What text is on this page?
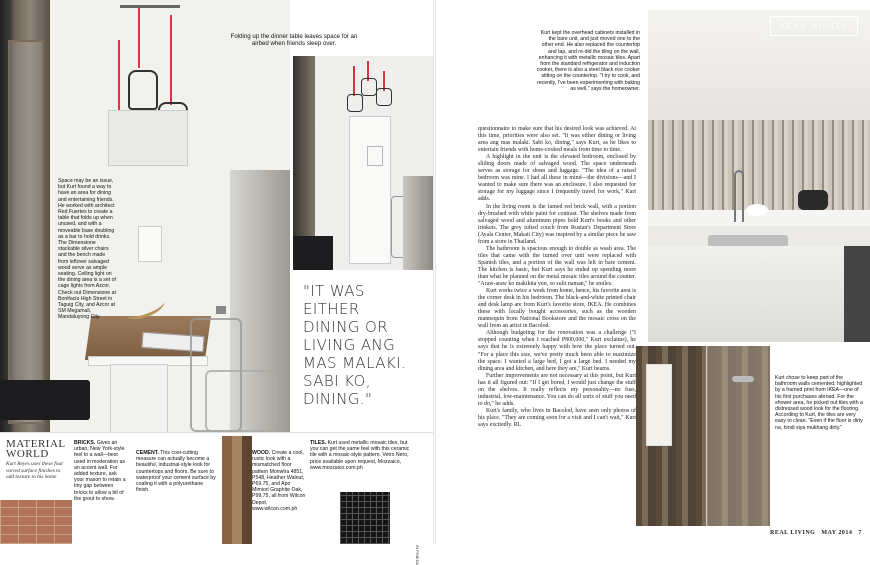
Space may be an issue, but Kurt found a way to have an area for dining and entertaining friends. He worked with architect Red Fuertes to create a table that folds up when unused, and with a moveable base doubling as a bar to hold drinks. The Dimensione stackable silver chairs and the bench made from leftover salvaged wood serve as ample seating. Ceiling light on the dining area is a set of cage lights from Azcor. Check out Dimensione at Bonifacio High Street in Taguig City, and Azcor at SM Megamall, Mandaluyong City.
Folding up the dinner table leaves space for an airbed when friends sleep over.
"IT WAS EITHER DINING OR LIVING ANG MAS MALAKI. SABI KO, DINING."
MATERIAL
WORLD
Kurt Reyes uses these four varied surface finishes to add texture to his home
BRICKS. Gives an urban, New York-style feel to a wall—best used in moderation as an accent wall. For added texture, ask your mason to retain a tiny gap between bricks to allow a bit of the grout to show.
CEMENT. This cost-cutting measure can actually become a beautiful, industrial-style look for countertops and floors. Be sure to waterproof your cement surface by coating it with a polyurethane finish.
WOOD. Create a cool, rustic look with a mismatched floor pattern Monwha 4851, P548, Heather Walnut, P69.75, and Apo Mimiori Graphite Oak, P99.75, all from Wilcon Depot, www.wilcon.com.ph
TILES. Kurt used metallic mosaic tiles, but you can get the same feel with this ceramic tile with a mosaic-style pattern. Vetro Nero, price available upon request, Mozzaico, www.mozzaico.com.ph
REAL HOMES
Kurt kept the overhead cabinets installed in the bare unit, and just moved one to the other end. He also replaced the countertop and tap, and re-did the tiling on the wall, enhancing it with metallic mosaic tiles. Apart from the standard refrigerator and induction cooker, there is also a steel black rice cooker sitting on the countertop. "I try to cook, and recently, I've been experimenting with baking as well," says the homeowner.

questionnaire to make sure that his desired look was achieved. At this time, priorities were also set. "It was either dining or living area ang mas malaki. Sabi ko, dining," says Kurt, as he likes to entertain friends with home-cooked meals from time to time.

A highlight in the unit is the elevated bedroom, enclosed by sliding doors made of salvaged wood. The space underneath serves as storage for shoes and luggage. "The idea of a raised bedroom was mine. I had all these in mind—the divisions—and I wanted to make sure there was an enclosure. I also requested for storage for my luggage since I frequently travel for work," Kurt adds.

In the living room is the famed red brick wall, with a portion dry-brushed with white paint for contrast. The shelves made from salvaged wood and aluminum pipes hold Kurt's books and other trinkets. The grey tufted couch from Rustan's Department Store (Ayala Center, Makati City) was inspired by a similar piece he saw from a store in Thailand.

The bathroom is spacious enough to double as wash area. The tiles that came with the turned over unit were replaced with Spanish tiles, and a portion of the wall was left in bare cement. The kitchen is basic, but Kurt says he ended up spending more than what he planned on the metal mosaic tiles around the counter. "Araw-araw ko makikita yun, so sulit naman," he smiles.

Kurt works twice a week from home, hence, his favorite area is the corner desk in his bedroom. The black-and-white printed chair and desk lamp are from Kurt's favorite store, IKEA. He combines these with locally bought accessories, such as the wooden mannequin from National Bookstore and the mosaic cross on the wall from an artist in Bacolod.

Although budgeting for the renovation was a challenge ("I stopped counting when I reached P800,000," Kurt exclaims), he says that he is extremely happy with how the place turned out. "For a place this size, we've pretty much been able to maximize the space. I wanted a large bed, I got a large bed. I needed my dining area and kitchen, and here they are," Kurt beams.

Further improvements are not necessary at this point, but Kurt has it all figured out: "If I get bored, I would just change the stuff on the shelves. It really reflects my personality—no fuss, industrial, low-maintenance. You can do all sorts of stuff you need to do," he adds.

Kurt's family, who lives in Bacolod, have seen only photos of his place. "They are coming soon for a visit and I can't wait," Kurt says excitedly. RL

Kurt chose to keep part of the bathroom walls cemented, highlighted by a framed print from IKEA—one of his first purchases abroad. For the shower area, he picked out tiles with a distressed wood look for the flooring. According to Kurt, the tiles are very easy to clean. "Even if the floor is dirty na, hindi siya mukhang dirty."
REAL LIVING MAY 2014 7
